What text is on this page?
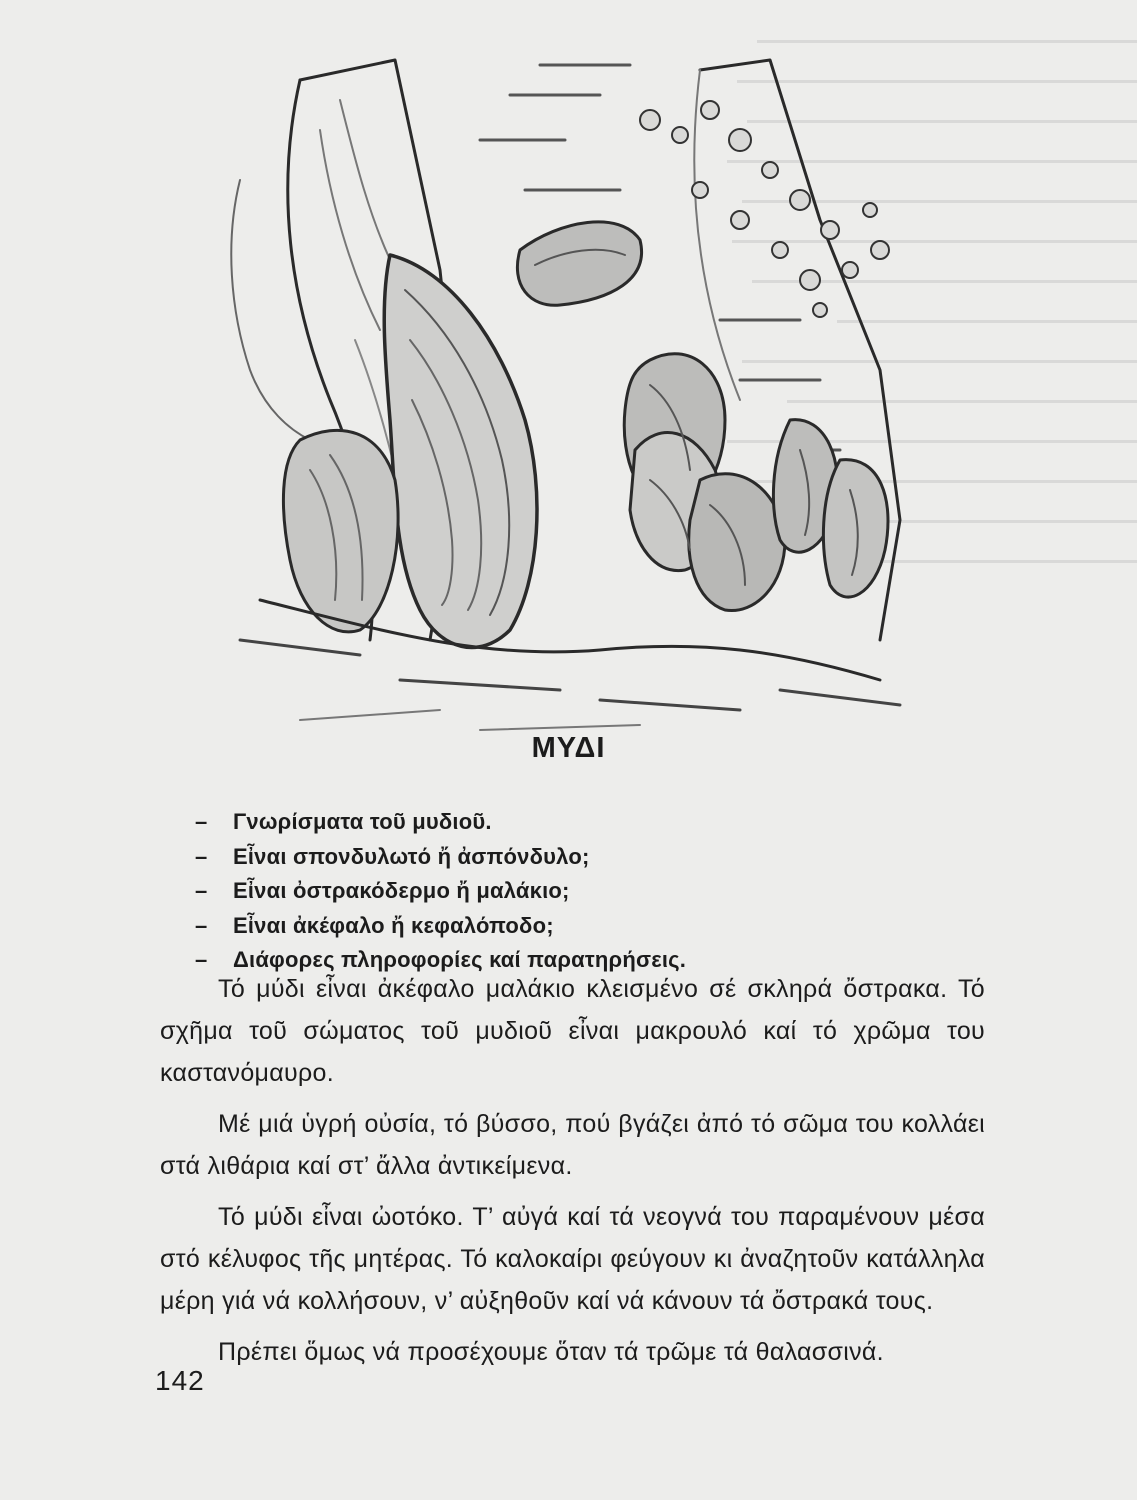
ΜΥΔΙ
– Γνωρίσματα τοῦ μυδιοῦ.
– Εἶναι σπονδυλωτό ἤ ἀσπόνδυλο;
– Εἶναι ὀστρακόδερμο ἤ μαλάκιο;
– Εἶναι ἀκέφαλο ἤ κεφαλόποδο;
– Διάφορες πληροφορίες καί παρατηρήσεις.

Τό μύδι εἶναι ἀκέφαλο μαλάκιο κλεισμένο σέ σκληρά ὄστρακα. Τό σχῆμα τοῦ σώματος τοῦ μυδιοῦ εἶναι μακρουλό καί τό χρῶμα του καστανόμαυρο.

Μέ μιά ὑγρή οὐσία, τό βύσσο, πού βγάζει ἀπό τό σῶμα του κολλάει στά λιθάρια καί στ’ ἄλλα ἀντικείμενα.

Τό μύδι εἶναι ὠοτόκο. Τ’ αὐγά καί τά νεογνά του παραμένουν μέσα στό κέλυφος τῆς μητέρας. Τό καλοκαίρι φεύγουν κι ἀναζητοῦν κατάλληλα μέρη γιά νά κολλήσουν, ν’ αὐξηθοῦν καί νά κάνουν τά ὄστρακά τους.

Πρέπει ὅμως νά προσέχουμε ὅταν τά τρῶμε τά θαλασσινά.

142
